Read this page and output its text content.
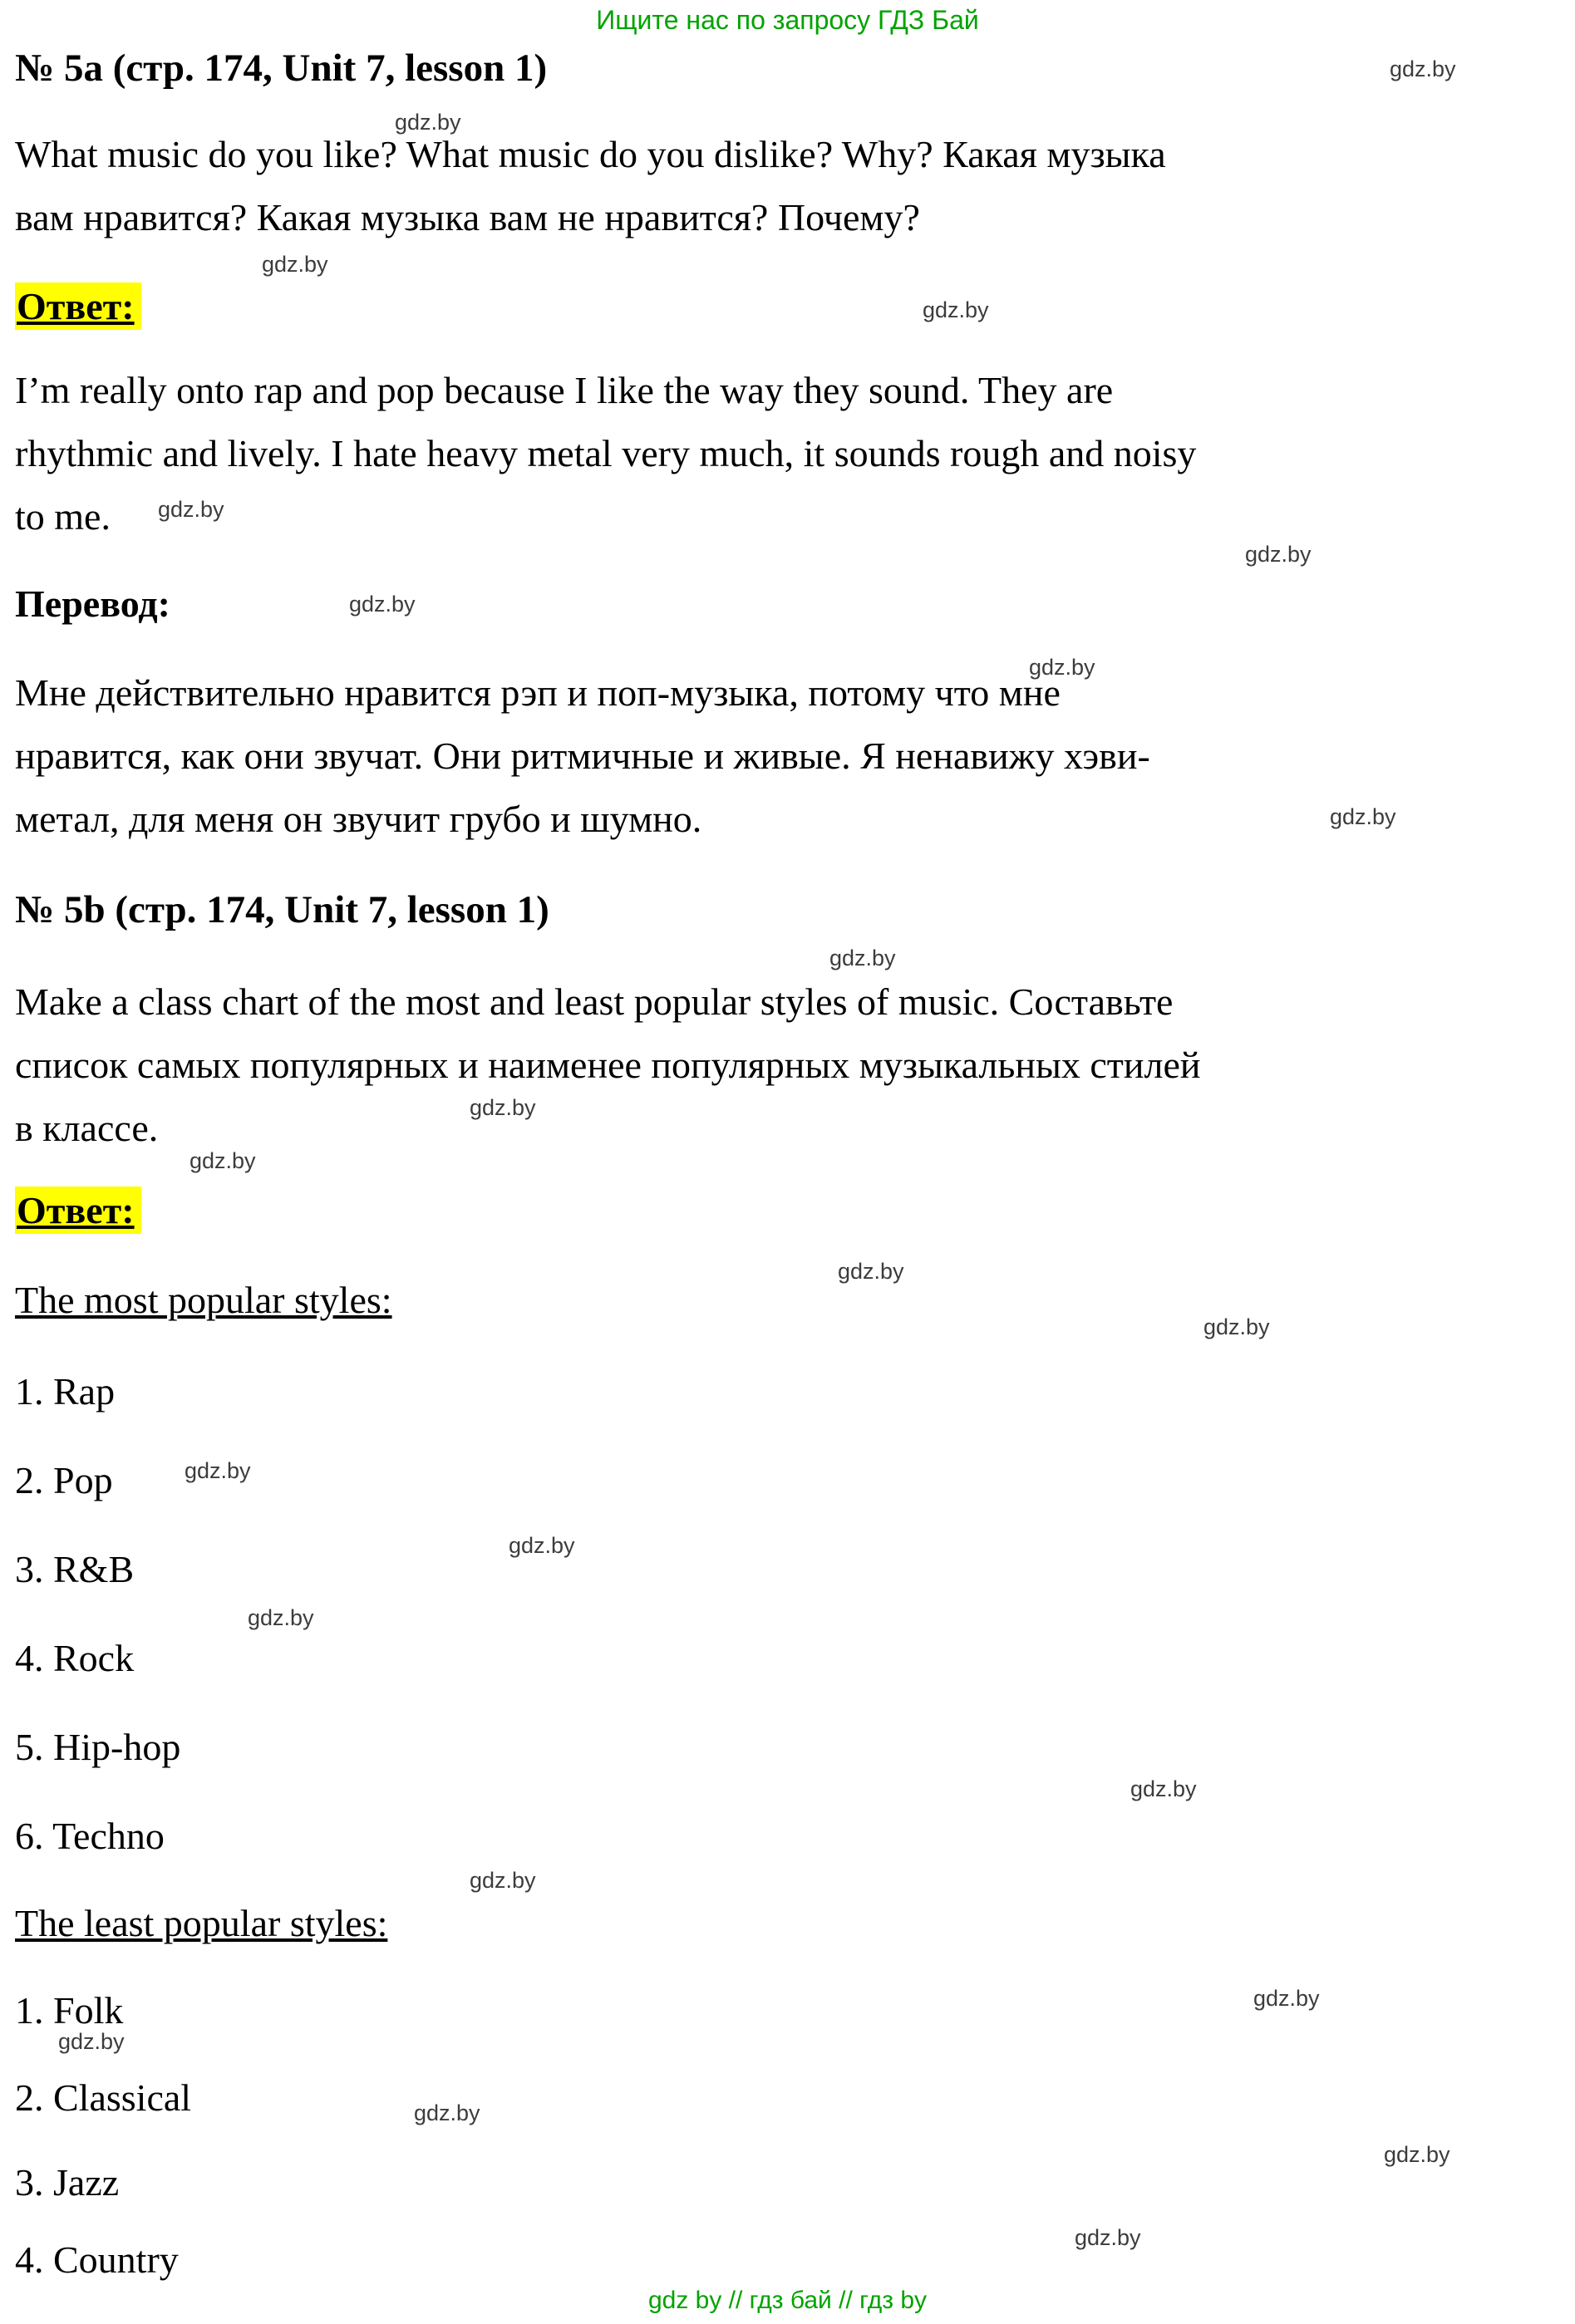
Ищите нас по запросу ГДЗ Бай
№ 5a (стр. 174, Unit 7, lesson 1)
What music do you like? What music do you dislike? Why? Какая музыка
вам нравится? Какая музыка вам не нравится? Почему?
Ответ:
I’m really onto rap and pop because I like the way they sound. They are
rhythmic and lively. I hate heavy metal very much, it sounds rough and noisy
to me.
Перевод:
Мне действительно нравится рэп и поп-музыка, потому что мне
нравится, как они звучат. Они ритмичные и живые. Я ненавижу хэви-
метал, для меня он звучит грубо и шумно.
№ 5b (стр. 174, Unit 7, lesson 1)
Make a class chart of the most and least popular styles of music. Составьте
список самых популярных и наименее популярных музыкальных стилей
в классе.
Ответ:
The most popular styles:
1. Rap
2. Pop
3. R&B
4. Rock
5. Hip-hop
6. Techno
The least popular styles:
1. Folk
2. Classical
3. Jazz
4. Country
gdz.by
gdz.by
gdz.by
gdz.by
gdz.by
gdz.by
gdz.by
gdz.by
gdz.by
gdz.by
gdz.by
gdz.by
gdz.by
gdz.by
gdz.by
gdz.by
gdz.by
gdz.by
gdz.by
gdz.by
gdz.by
gdz.by
gdz.by
gdz.by
gdz by // гдз бай // гдз by
